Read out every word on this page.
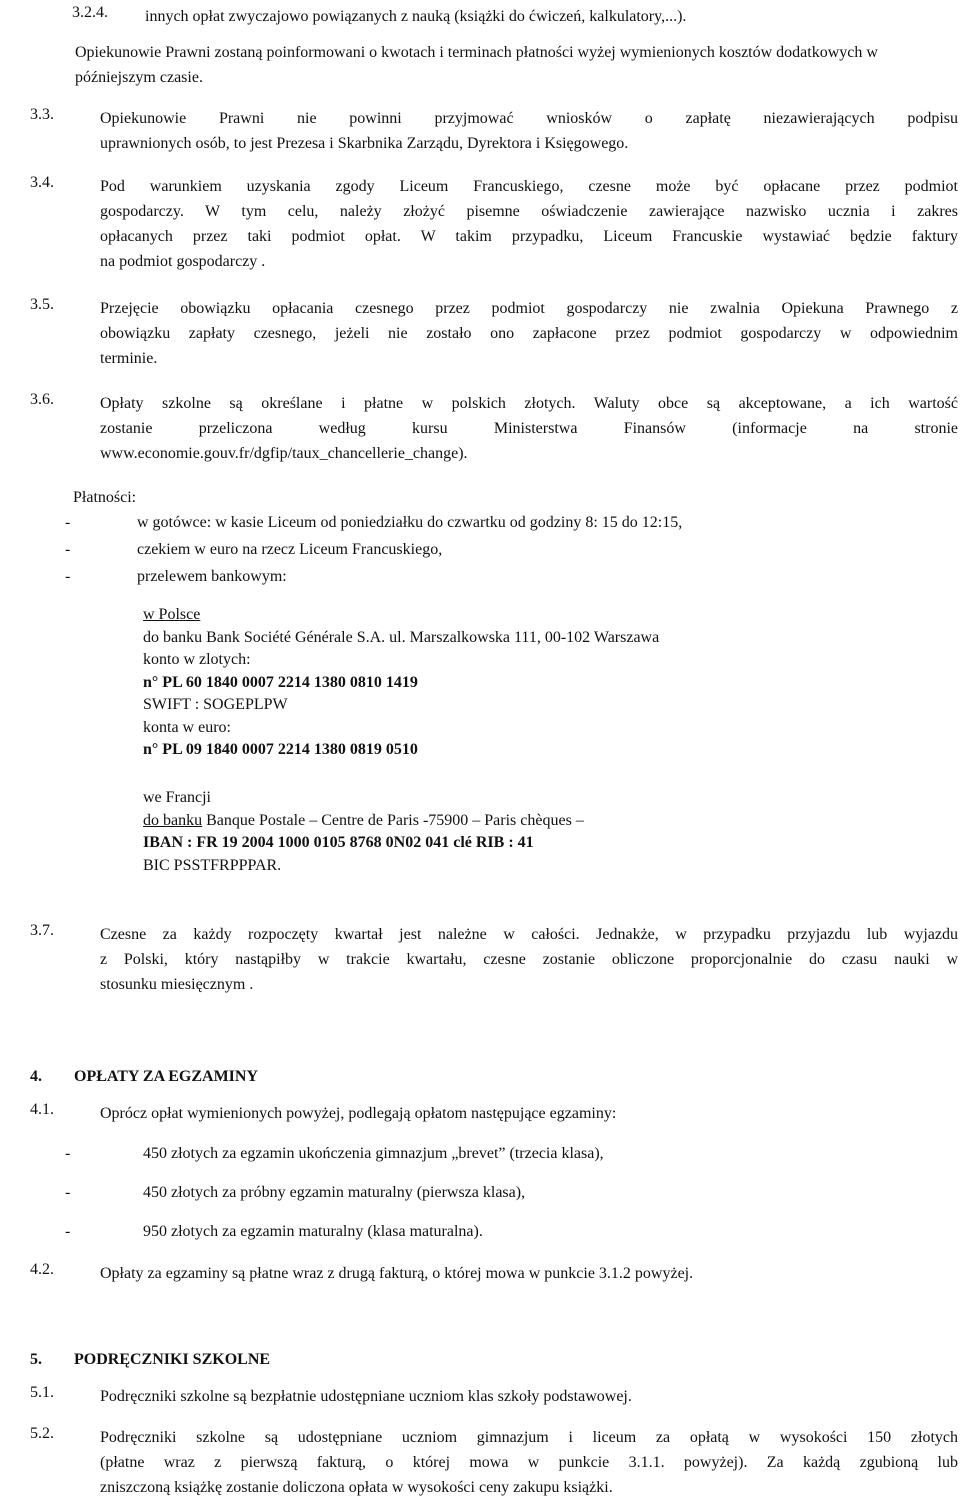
3.2.4. innych opłat zwyczajowo powiązanych z nauką (książki do ćwiczeń, kalkulatory,...).
Opiekunowie Prawni zostaną poinformowani o kwotach i terminach płatności wyżej wymienionych kosztów dodatkowych w późniejszym czasie.
3.3.	Opiekunowie Prawni nie powinni przyjmować wniosków o zapłatę niezawierających podpisu

uprawnionych osób, to jest Prezesa i Skarbnika Zarządu, Dyrektora i Księgowego.

3.4.	Pod warunkiem uzyskania zgody Liceum Francuskiego, czesne może być opłacane przez podmiot

gospodarczy. W tym celu, należy złożyć pisemne oświadczenie zawierające nazwisko ucznia i zakres

opłacanych przez taki podmiot opłat. W takim przypadku, Liceum Francuskie wystawiać będzie faktury

na podmiot gospodarczy .

3.5.	Przejęcie obowiązku opłacania czesnego przez podmiot gospodarczy nie zwalnia Opiekuna Prawnego z

obowiązku zapłaty czesnego, jeżeli nie zostało ono zapłacone przez podmiot gospodarczy w odpowiednim

terminie.

3.6.	Opłaty szkolne są określane i płatne w polskich złotych. Waluty obce są akceptowane, a ich wartość

zostanie przeliczona według kursu Ministerstwa Finansów (informacje na stronie

www.economie.gouv.fr/dgfip/taux_chancellerie_change).

Płatności:
-	w gotówce: w kasie Liceum od poniedziałku do czwartku od godziny 8: 15 do 12:15,
-	czekiem w euro na rzecz Liceum Francuskiego,
-	przelewem bankowym:
w Polsce
do banku Bank Société Générale S.A. ul. Marszalkowska 111, 00-102 Warszawa
konto w zlotych:
n° PL 60 1840 0007 2214 1380 0810 1419
SWIFT : SOGEPLPW
konta w euro:
n° PL 09 1840 0007 2214 1380 0819 0510
we Francji
do banku Banque Postale – Centre de Paris -75900 – Paris chèques –
IBAN : FR 19 2004 1000 0105 8768 0N02 041 clé RIB : 41
BIC PSSTFRPPPAR.
3.7.	Czesne za każdy rozpoczęty kwartał jest należne w całości. Jednakże, w przypadku przyjazdu lub wyjazdu

z Polski, który nastąpiłby w trakcie kwartału, czesne zostanie obliczone proporcjonalnie do czasu nauki w

stosunku miesięcznym .

4. OPŁATY ZA EGZAMINY
4.1.	Oprócz opłat wymienionych powyżej, podlegają opłatom następujące egzaminy:
-	450 złotych za egzamin ukończenia gimnazjum „brevet” (trzecia klasa),
-	450 złotych za próbny egzamin maturalny (pierwsza klasa),
-	950 złotych za egzamin maturalny (klasa maturalna).
4.2.	Opłaty za egzaminy są płatne wraz z drugą fakturą, o której mowa w punkcie 3.1.2 powyżej.
5. PODRĘCZNIKI SZKOLNE
5.1.	Podręczniki szkolne są bezpłatnie udostępniane uczniom klas szkoły podstawowej.
5.2.	Podręczniki szkolne są udostępniane uczniom gimnazjum i liceum za opłatą w wysokości 150 złotych

(płatne wraz z pierwszą fakturą, o której mowa w punkcie 3.1.1. powyżej). Za każdą zgubioną lub

zniszczoną książkę zostanie doliczona opłata w wysokości ceny zakupu książki.
